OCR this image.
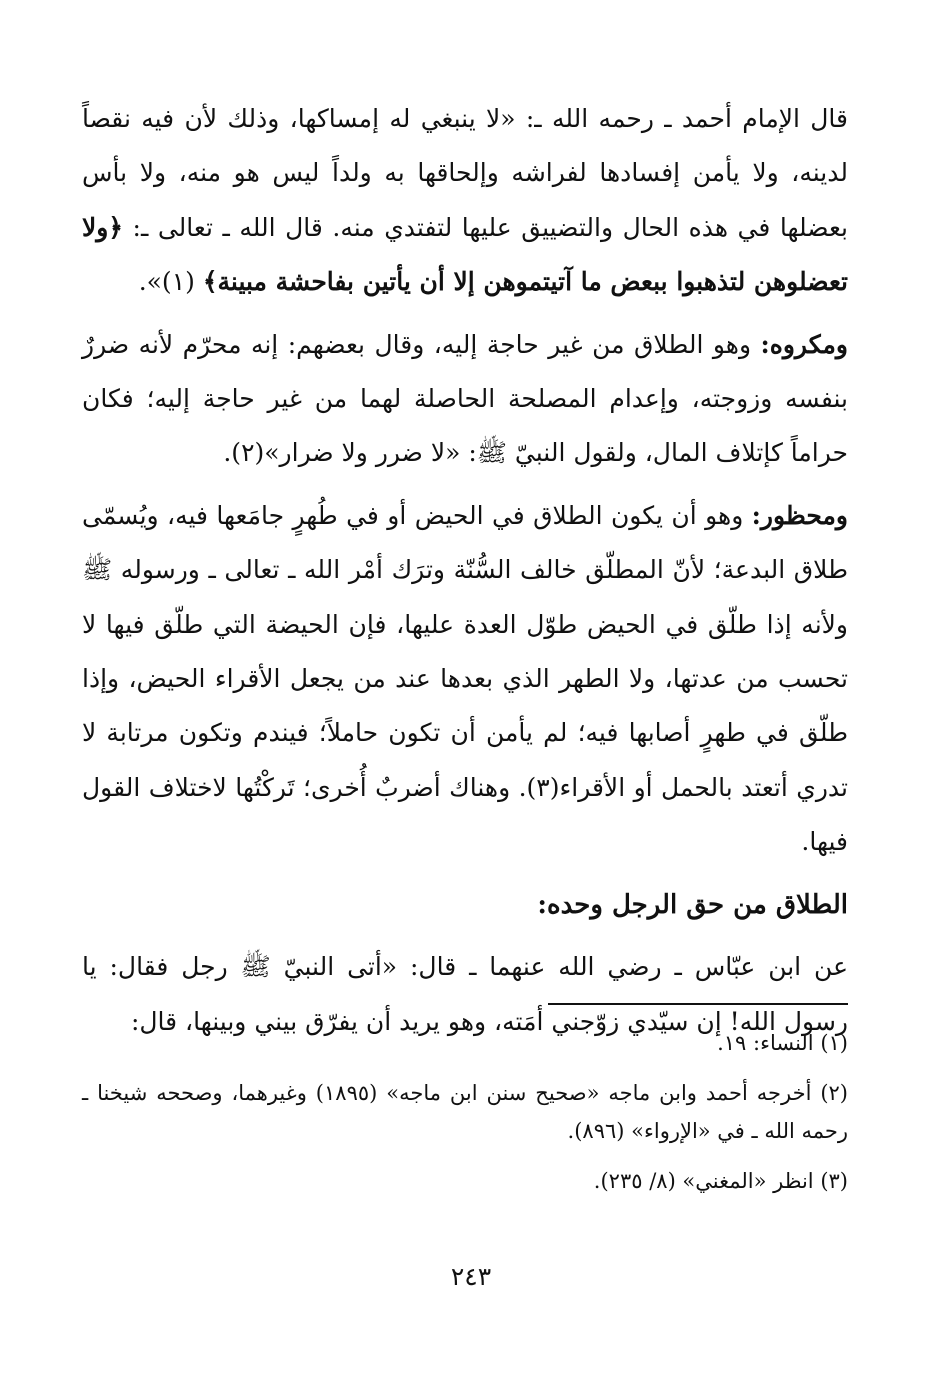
قال الإمام أحمد ـ رحمه الله ـ: «لا ينبغي له إمساكها، وذلك لأن فيه نقصاً لدينه، ولا يأمن إفسادها لفراشه وإلحاقها به ولداً ليس هو منه، ولا بأس بعضلها في هذه الحال والتضييق عليها لتفتدي منه. قال الله ـ تعالى ـ: ﴿ولا تعضلوهن لتذهبوا ببعض ما آتيتموهن إلا أن يأتين بفاحشة مبينة﴾ (١)».

ومكروه: وهو الطلاق من غير حاجة إليه، وقال بعضهم: إنه محرّم لأنه ضررٌ بنفسه وزوجته، وإعدام المصلحة الحاصلة لهما من غير حاجة إليه؛ فكان حراماً كإتلاف المال، ولقول النبيّ ﷺ: «لا ضرر ولا ضرار»(٢).

ومحظور: وهو أن يكون الطلاق في الحيض أو في طُهرٍ جامَعها فيه، ويُسمّى طلاق البدعة؛ لأنّ المطلّق خالف السُّنّة وترَك أمْر الله ـ تعالى ـ ورسوله ﷺ ولأنه إذا طلّق في الحيض طوّل العدة عليها، فإن الحيضة التي طلّق فيها لا تحسب من عدتها، ولا الطهر الذي بعدها عند من يجعل الأقراء الحيض، وإذا طلّق في طهرٍ أصابها فيه؛ لم يأمن أن تكون حاملاً؛ فيندم وتكون مرتابة لا تدري أتعتد بالحمل أو الأقراء(٣). وهناك أضربٌ أُخرى؛ تَركْتُها لاختلاف القول فيها.

الطلاق من حق الرجل وحده:

عن ابن عبّاس ـ رضي الله عنهما ـ قال: «أتى النبيّ ﷺ رجل فقال: يا رسول الله! إن سيّدي زوّجني أمَته، وهو يريد أن يفرّق بيني وبينها، قال:

(١) النساء: ١٩.
(٢) أخرجه أحمد وابن ماجه «صحيح سنن ابن ماجه» (١٨٩٥) وغيرهما، وصححه شيخنا ـ رحمه الله ـ في «الإرواء» (٨٩٦).
(٣) انظر «المغني» (٨/ ٢٣٥).
٢٤٣
